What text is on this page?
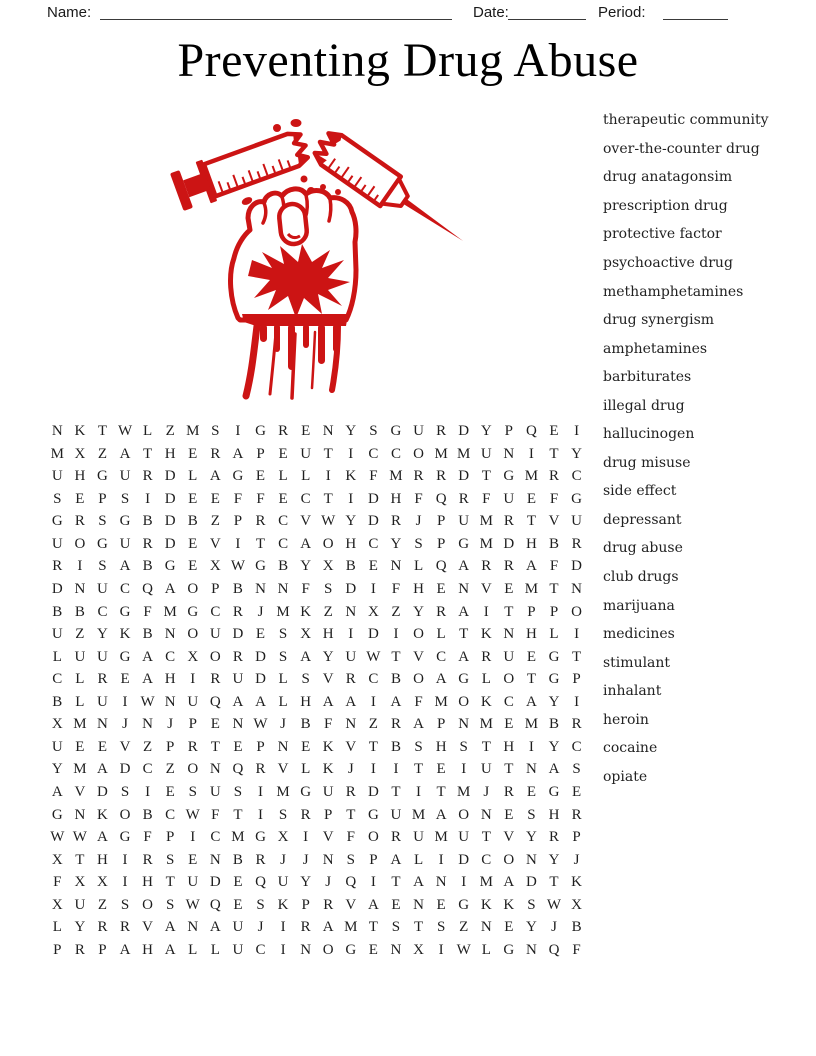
Name:	Date:	Period:
Preventing Drug Abuse
therapeutic community
over-the-counter drug
drug anatagonsim
prescription drug
protective factor
psychoactive drug
methamphetamines
drug synergism
amphetamines
barbiturates
illegal drug
hallucinogen
drug misuse
side effect
depressant
drug abuse
club drugs
marijuana
medicines
stimulant
inhalant
heroin
cocaine
opiate
N K T W L Z M S	I G R E N Y S G U R D Y P Q E	I
M X Z A T H E R A P E U T	I	C C O M M U N I	T Y
U H G U R D L A G E L L	I K F M R R D T G M R C
S E P S	I D E E F F E C T	I D H F Q R F U E F G
G R S G B D B Z P R C V W Y D R J	P U M R T V U
U O G U R D E V I	T C A O H C Y S P G M D H B R
R	I	S A B G E X W G B Y X B E N L Q A R R A F D
D N U C Q A O P B N N F S D I	F H E N V E M T N
B B C G F M G C R J M K Z N X Z Y R A I	T P P O
U Z Y K B N O U D E S X H I D I O L T K N H L	I
L U U G A C X O R D S A Y U W T V C A R U E G T
C L R E A H I	R U D L S V R C B O A G L O T G P
B L U I W N U Q A A L H A A I A F M O K C A Y I
X M N J N J	P E N W J B F N Z R A P N M E M B R
U E E V Z P R T E P N E K V T B S H S T H I Y C
Y M A D C Z O N Q R V L K J	I	I	T E	I U T N A S
A V D S	I	E S U S	I M G U R D T	I	T M J R E G E
G N K O B C W F T	I	S R P T G U M A O N E S H R
W W A G F P	I	C M G X I V F O R U M U T V Y R P
X T H I	R S E N B R J	J N S P A L	I D C O N Y J
F X X I H T U D E Q U Y J Q I	T A N I M A D T K
X U Z S O S W Q E S K P R V A E N E G K K S W X
L Y R R V A N A U J	I	R A M T S T S Z N E Y J B
P R P A H A L L U C	I N O G E N X I W L G N Q F
